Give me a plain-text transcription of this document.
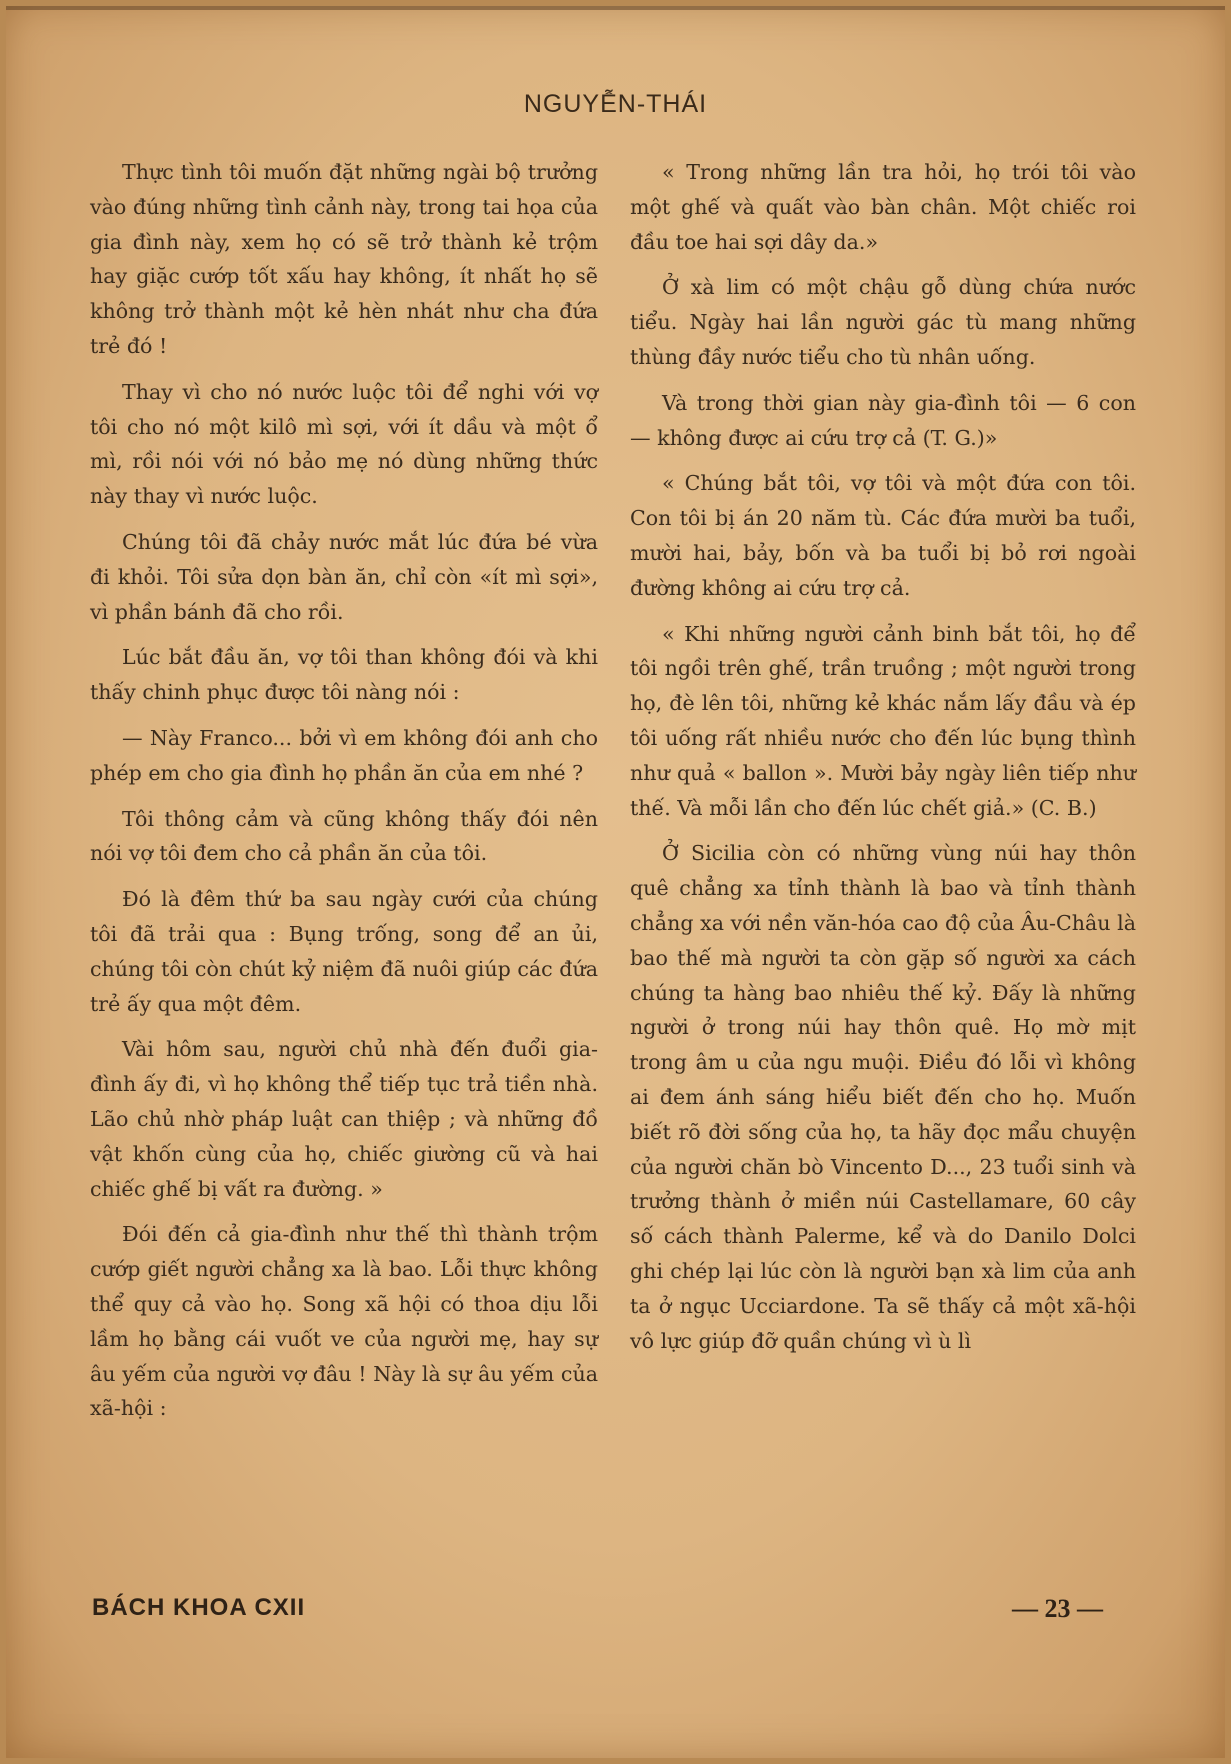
NGUYỄN-THÁI

Thực tình tôi muốn đặt những ngài bộ trưởng vào đúng những tình cảnh này, trong tai họa của gia đình này, xem họ có sẽ trở thành kẻ trộm hay giặc cướp tốt xấu hay không, ít nhất họ sẽ không trở thành một kẻ hèn nhát như cha đứa trẻ đó !

Thay vì cho nó nước luộc tôi để nghi với vợ tôi cho nó một kilô mì sợi, với ít dầu và một ổ mì, rồi nói với nó bảo mẹ nó dùng những thức này thay vì nước luộc.

Chúng tôi đã chảy nước mắt lúc đứa bé vừa đi khỏi. Tôi sửa dọn bàn ăn, chỉ còn «ít mì sợi», vì phần bánh đã cho rồi.

Lúc bắt đầu ăn, vợ tôi than không đói và khi thấy chinh phục được tôi nàng nói :

— Này Franco... bởi vì em không đói anh cho phép em cho gia đình họ phần ăn của em nhé ?

Tôi thông cảm và cũng không thấy đói nên nói vợ tôi đem cho cả phần ăn của tôi.

Đó là đêm thứ ba sau ngày cưới của chúng tôi đã trải qua : Bụng trống, song để an ủi, chúng tôi còn chút kỷ niệm đã nuôi giúp các đứa trẻ ấy qua một đêm.

Vài hôm sau, người chủ nhà đến đuổi gia-đình ấy đi, vì họ không thể tiếp tục trả tiền nhà. Lão chủ nhờ pháp luật can thiệp ; và những đồ vật khốn cùng của họ, chiếc giường cũ và hai chiếc ghế bị vất ra đường. »

Đói đến cả gia-đình như thế thì thành trộm cướp giết người chẳng xa là bao. Lỗi thực không thể quy cả vào họ. Song xã hội có thoa dịu lỗi lầm họ bằng cái vuốt ve của người mẹ, hay sự âu yếm của người vợ đâu ! Này là sự âu yếm của xã-hội :

« Trong những lần tra hỏi, họ trói tôi vào một ghế và quất vào bàn chân. Một chiếc roi đầu toe hai sợi dây da.»

Ở xà lim có một chậu gỗ dùng chứa nước tiểu. Ngày hai lần người gác tù mang những thùng đầy nước tiểu cho tù nhân uống.

Và trong thời gian này gia-đình tôi — 6 con — không được ai cứu trợ cả (T. G.)»

« Chúng bắt tôi, vợ tôi và một đứa con tôi. Con tôi bị án 20 năm tù. Các đứa mười ba tuổi, mười hai, bảy, bốn và ba tuổi bị bỏ rơi ngoài đường không ai cứu trợ cả.

« Khi những người cảnh binh bắt tôi, họ để tôi ngồi trên ghế, trần truồng ; một người trong họ, đè lên tôi, những kẻ khác nắm lấy đầu và ép tôi uống rất nhiều nước cho đến lúc bụng thình như quả « ballon ». Mười bảy ngày liên tiếp như thế. Và mỗi lần cho đến lúc chết giả.» (C. B.)

Ở Sicilia còn có những vùng núi hay thôn quê chẳng xa tỉnh thành là bao và tỉnh thành chẳng xa với nền văn-hóa cao độ của Âu-Châu là bao thế mà người ta còn gặp số người xa cách chúng ta hàng bao nhiêu thế kỷ. Đấy là những người ở trong núi hay thôn quê. Họ mờ mịt trong âm u của ngu muội. Điều đó lỗi vì không ai đem ánh sáng hiểu biết đến cho họ. Muốn biết rõ đời sống của họ, ta hãy đọc mẩu chuyện của người chăn bò Vincento D..., 23 tuổi sinh và trưởng thành ở miền núi Castellamare, 60 cây số cách thành Palerme, kể và do Danilo Dolci ghi chép lại lúc còn là người bạn xà lim của anh ta ở ngục Ucciardone. Ta sẽ thấy cả một xã-hội vô lực giúp đỡ quần chúng vì ù lì

BÁCH KHOA CXII	— 23 —
